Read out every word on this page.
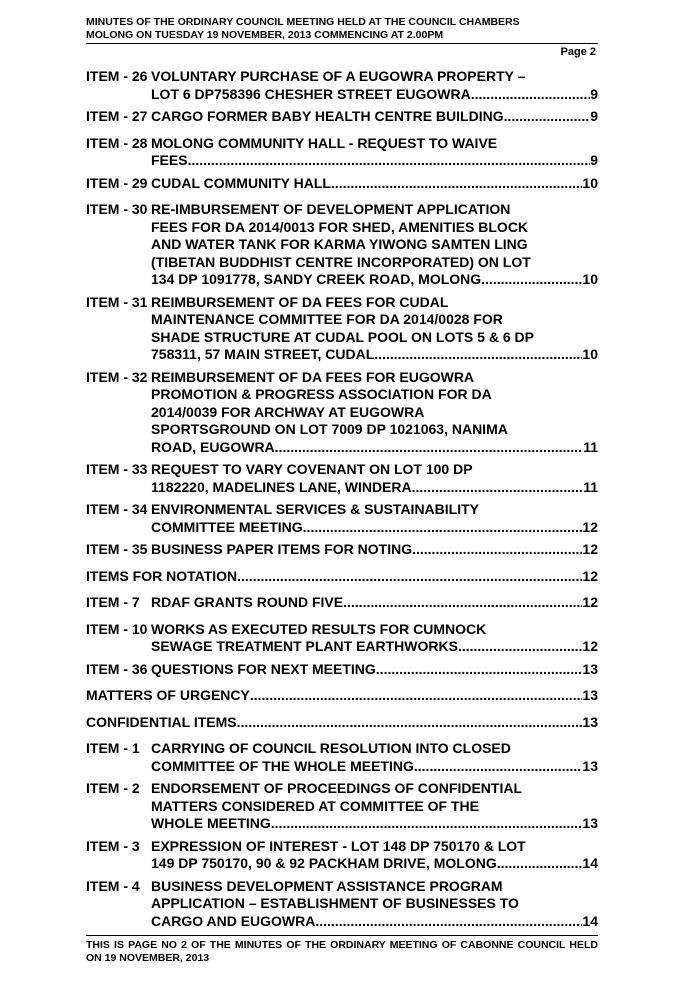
MINUTES OF THE ORDINARY COUNCIL MEETING HELD AT THE COUNCIL CHAMBERS
MOLONG ON TUESDAY 19 NOVEMBER, 2013 COMMENCING AT 2.00PM
Page 2
ITEM - 26 VOLUNTARY PURCHASE OF A EUGOWRA PROPERTY –
LOT 6 DP758396 CHESHER STREET EUGOWRA .....	9
ITEM - 27 CARGO FORMER BABY HEALTH CENTRE BUILDING .....	9
ITEM - 28 MOLONG COMMUNITY HALL - REQUEST TO WAIVE
FEES .....	9
ITEM - 29 CUDAL COMMUNITY HALL .....	10
ITEM - 30 RE-IMBURSEMENT OF DEVELOPMENT APPLICATION
FEES FOR DA 2014/0013 FOR SHED, AMENITIES BLOCK
AND WATER TANK FOR KARMA YIWONG SAMTEN LING
(TIBETAN BUDDHIST CENTRE INCORPORATED) ON LOT
134 DP 1091778, SANDY CREEK ROAD, MOLONG .....	10
ITEM - 31 REIMBURSEMENT OF DA FEES FOR CUDAL
MAINTENANCE COMMITTEE FOR DA 2014/0028 FOR
SHADE STRUCTURE AT CUDAL POOL ON LOTS 5 & 6 DP
758311, 57 MAIN STREET, CUDAL .....	10
ITEM - 32 REIMBURSEMENT OF DA FEES FOR EUGOWRA
PROMOTION & PROGRESS ASSOCIATION FOR DA
2014/0039 FOR ARCHWAY AT EUGOWRA
SPORTSGROUND ON LOT 7009 DP 1021063, NANIMA
ROAD, EUGOWRA .....	11
ITEM - 33 REQUEST TO VARY COVENANT ON LOT 100 DP
1182220, MADELINES LANE, WINDERA .....	11
ITEM - 34 ENVIRONMENTAL SERVICES & SUSTAINABILITY
COMMITTEE MEETING .....	12
ITEM - 35 BUSINESS PAPER ITEMS FOR NOTING .....	12
ITEMS FOR NOTATION .....	12
ITEM - 7 RDAF GRANTS ROUND FIVE .....	12
ITEM - 10 WORKS AS EXECUTED RESULTS FOR CUMNOCK
SEWAGE TREATMENT PLANT EARTHWORKS .....	12
ITEM - 36 QUESTIONS FOR NEXT MEETING .....	13
MATTERS OF URGENCY .....	13
CONFIDENTIAL ITEMS .....	13
ITEM - 1 CARRYING OF COUNCIL RESOLUTION INTO CLOSED
COMMITTEE OF THE WHOLE MEETING .....	13
ITEM - 2 ENDORSEMENT OF PROCEEDINGS OF CONFIDENTIAL
MATTERS CONSIDERED AT COMMITTEE OF THE
WHOLE MEETING .....	13
ITEM - 3 EXPRESSION OF INTEREST - LOT 148 DP 750170 & LOT
149 DP 750170, 90 & 92 PACKHAM DRIVE, MOLONG .....	14
ITEM - 4 BUSINESS DEVELOPMENT ASSISTANCE PROGRAM
APPLICATION – ESTABLISHMENT OF BUSINESSES TO
CARGO AND EUGOWRA .....	14
THIS IS PAGE NO 2 OF THE MINUTES OF THE ORDINARY MEETING OF CABONNE COUNCIL HELD ON 19 NOVEMBER, 2013
